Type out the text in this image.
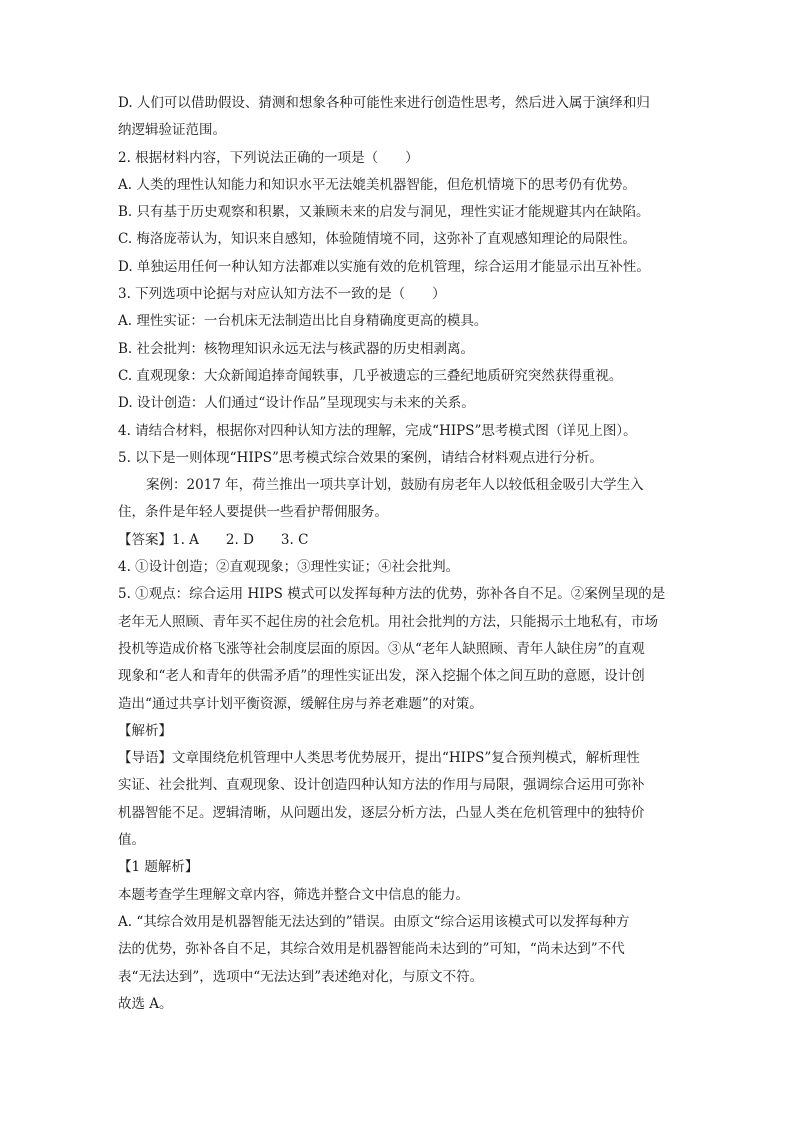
D. 人们可以借助假设、猜测和想象各种可能性来进行创造性思考，然后进入属于演绎和归
纳逻辑验证范围。
2. 根据材料内容，下列说法正确的一项是（　　）
A. 人类的理性认知能力和知识水平无法媲美机器智能，但危机情境下的思考仍有优势。
B. 只有基于历史观察和积累，又兼顾未来的启发与洞见，理性实证才能规避其内在缺陷。
C. 梅洛庞蒂认为，知识来自感知，体验随情境不同，这弥补了直观感知理论的局限性。
D. 单独运用任何一种认知方法都难以实施有效的危机管理，综合运用才能显示出互补性。
3. 下列选项中论据与对应认知方法不一致的是（　　）
A. 理性实证：一台机床无法制造出比自身精确度更高的模具。
B. 社会批判：核物理知识永远无法与核武器的历史相剥离。
C. 直观现象：大众新闻追捧奇闻轶事，几乎被遗忘的三叠纪地质研究突然获得重视。
D. 设计创造：人们通过“设计作品”呈现现实与未来的关系。
4. 请结合材料，根据你对四种认知方法的理解，完成“HIPS”思考模式图（详见上图）。
5. 以下是一则体现“HIPS”思考模式综合效果的案例，请结合材料观点进行分析。
案例：2017 年，荷兰推出一项共享计划，鼓励有房老年人以较低租金吸引大学生入
住，条件是年轻人要提供一些看护帮佣服务。
【答案】1. A　　2. D　　3. C
4. ①设计创造；②直观现象；③理性实证；④社会批判。
5. ①观点：综合运用 HIPS 模式可以发挥每种方法的优势，弥补各自不足。②案例呈现的是
老年无人照顾、青年买不起住房的社会危机。用社会批判的方法，只能揭示土地私有，市场
投机等造成价格飞涨等社会制度层面的原因。③从“老年人缺照顾、青年人缺住房”的直观
现象和“老人和青年的供需矛盾”的理性实证出发，深入挖掘个体之间互助的意愿，设计创
造出“通过共享计划平衡资源，缓解住房与养老难题”的对策。
【解析】
【导语】文章围绕危机管理中人类思考优势展开，提出“HIPS”复合预判模式，解析理性
实证、社会批判、直观现象、设计创造四种认知方法的作用与局限，强调综合运用可弥补
机器智能不足。逻辑清晰，从问题出发，逐层分析方法，凸显人类在危机管理中的独特价
值。
【1 题解析】
本题考查学生理解文章内容，筛选并整合文中信息的能力。
A. “其综合效用是机器智能无法达到的”错误。由原文“综合运用该模式可以发挥每种方
法的优势，弥补各自不足，其综合效用是机器智能尚未达到的”可知，“尚未达到”不代
表“无法达到”，选项中“无法达到”表述绝对化，与原文不符。
故选 A。
